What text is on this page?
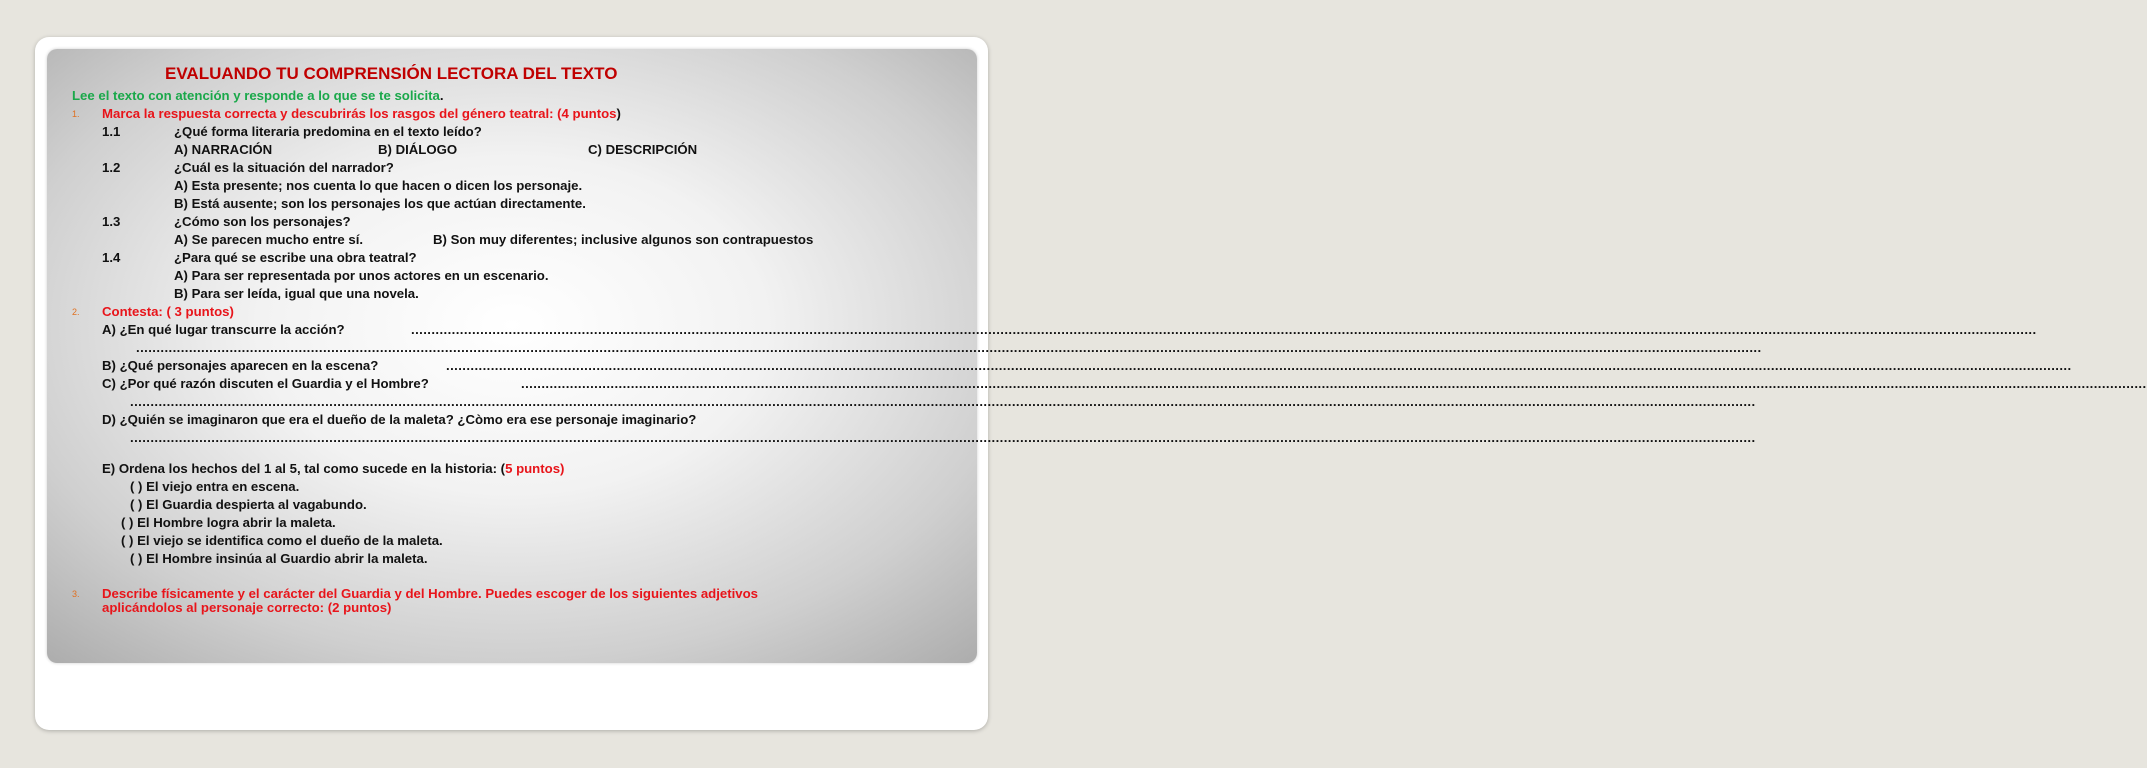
EVALUANDO TU COMPRENSIÓN LECTORA DEL TEXTO
Lee el texto con atención y responde a lo que se te solicita.
1. Marca la respuesta correcta y descubrirás los rasgos del género teatral: (4 puntos)
1.1	¿Qué forma literaria predomina en el texto leído?
A) NARRACIÓN	B) DIÁLOGO	C) DESCRIPCIÓN
1.2	¿Cuál es la situación del narrador?
A) Esta presente; nos cuenta lo que hacen o dicen los personaje.
B) Está ausente; son los personajes los que actúan directamente.
1.3	¿Cómo son los personajes?
A) Se parecen mucho entre sí.	B) Son muy diferentes; inclusive algunos son contrapuestos
1.4	¿Para qué se escribe una obra teatral?
A) Para ser representada por unos actores en un escenario.
B) Para ser leída, igual que una novela.
2. Contesta: ( 3 puntos)
A) ¿En qué lugar transcurre la acción?	................................................................................................................................................................................................................................................................................................................................................................................................................
................................................................................................................................................................................................................................................................................................................................................................................................................
B) ¿Qué personajes aparecen en la escena?	................................................................................................................................................................................................................................................................................................................................................................................................................
C) ¿Por qué razón discuten el Guardia y el Hombre?	................................................................................................................................................................................................................................................................................................................................................................................................................
................................................................................................................................................................................................................................................................................................................................................................................................................
D) ¿Quién se imaginaron que era el dueño de la maleta? ¿Còmo era ese personaje imaginario?
................................................................................................................................................................................................................................................................................................................................................................................................................
E) Ordena los hechos del 1 al 5, tal como sucede en la historia: (5 puntos)
( ) El viejo entra en escena.
( ) El Guardia despierta al vagabundo.
( ) El Hombre logra abrir la maleta.
( ) El viejo se identifica como el dueño de la maleta.
( ) El Hombre insinúa al Guardio abrir la maleta.
3. Describe físicamente y el carácter del Guardia y del Hombre. Puedes escoger de los siguientes adjetivos
aplicándolos al personaje correcto: (2 puntos)
